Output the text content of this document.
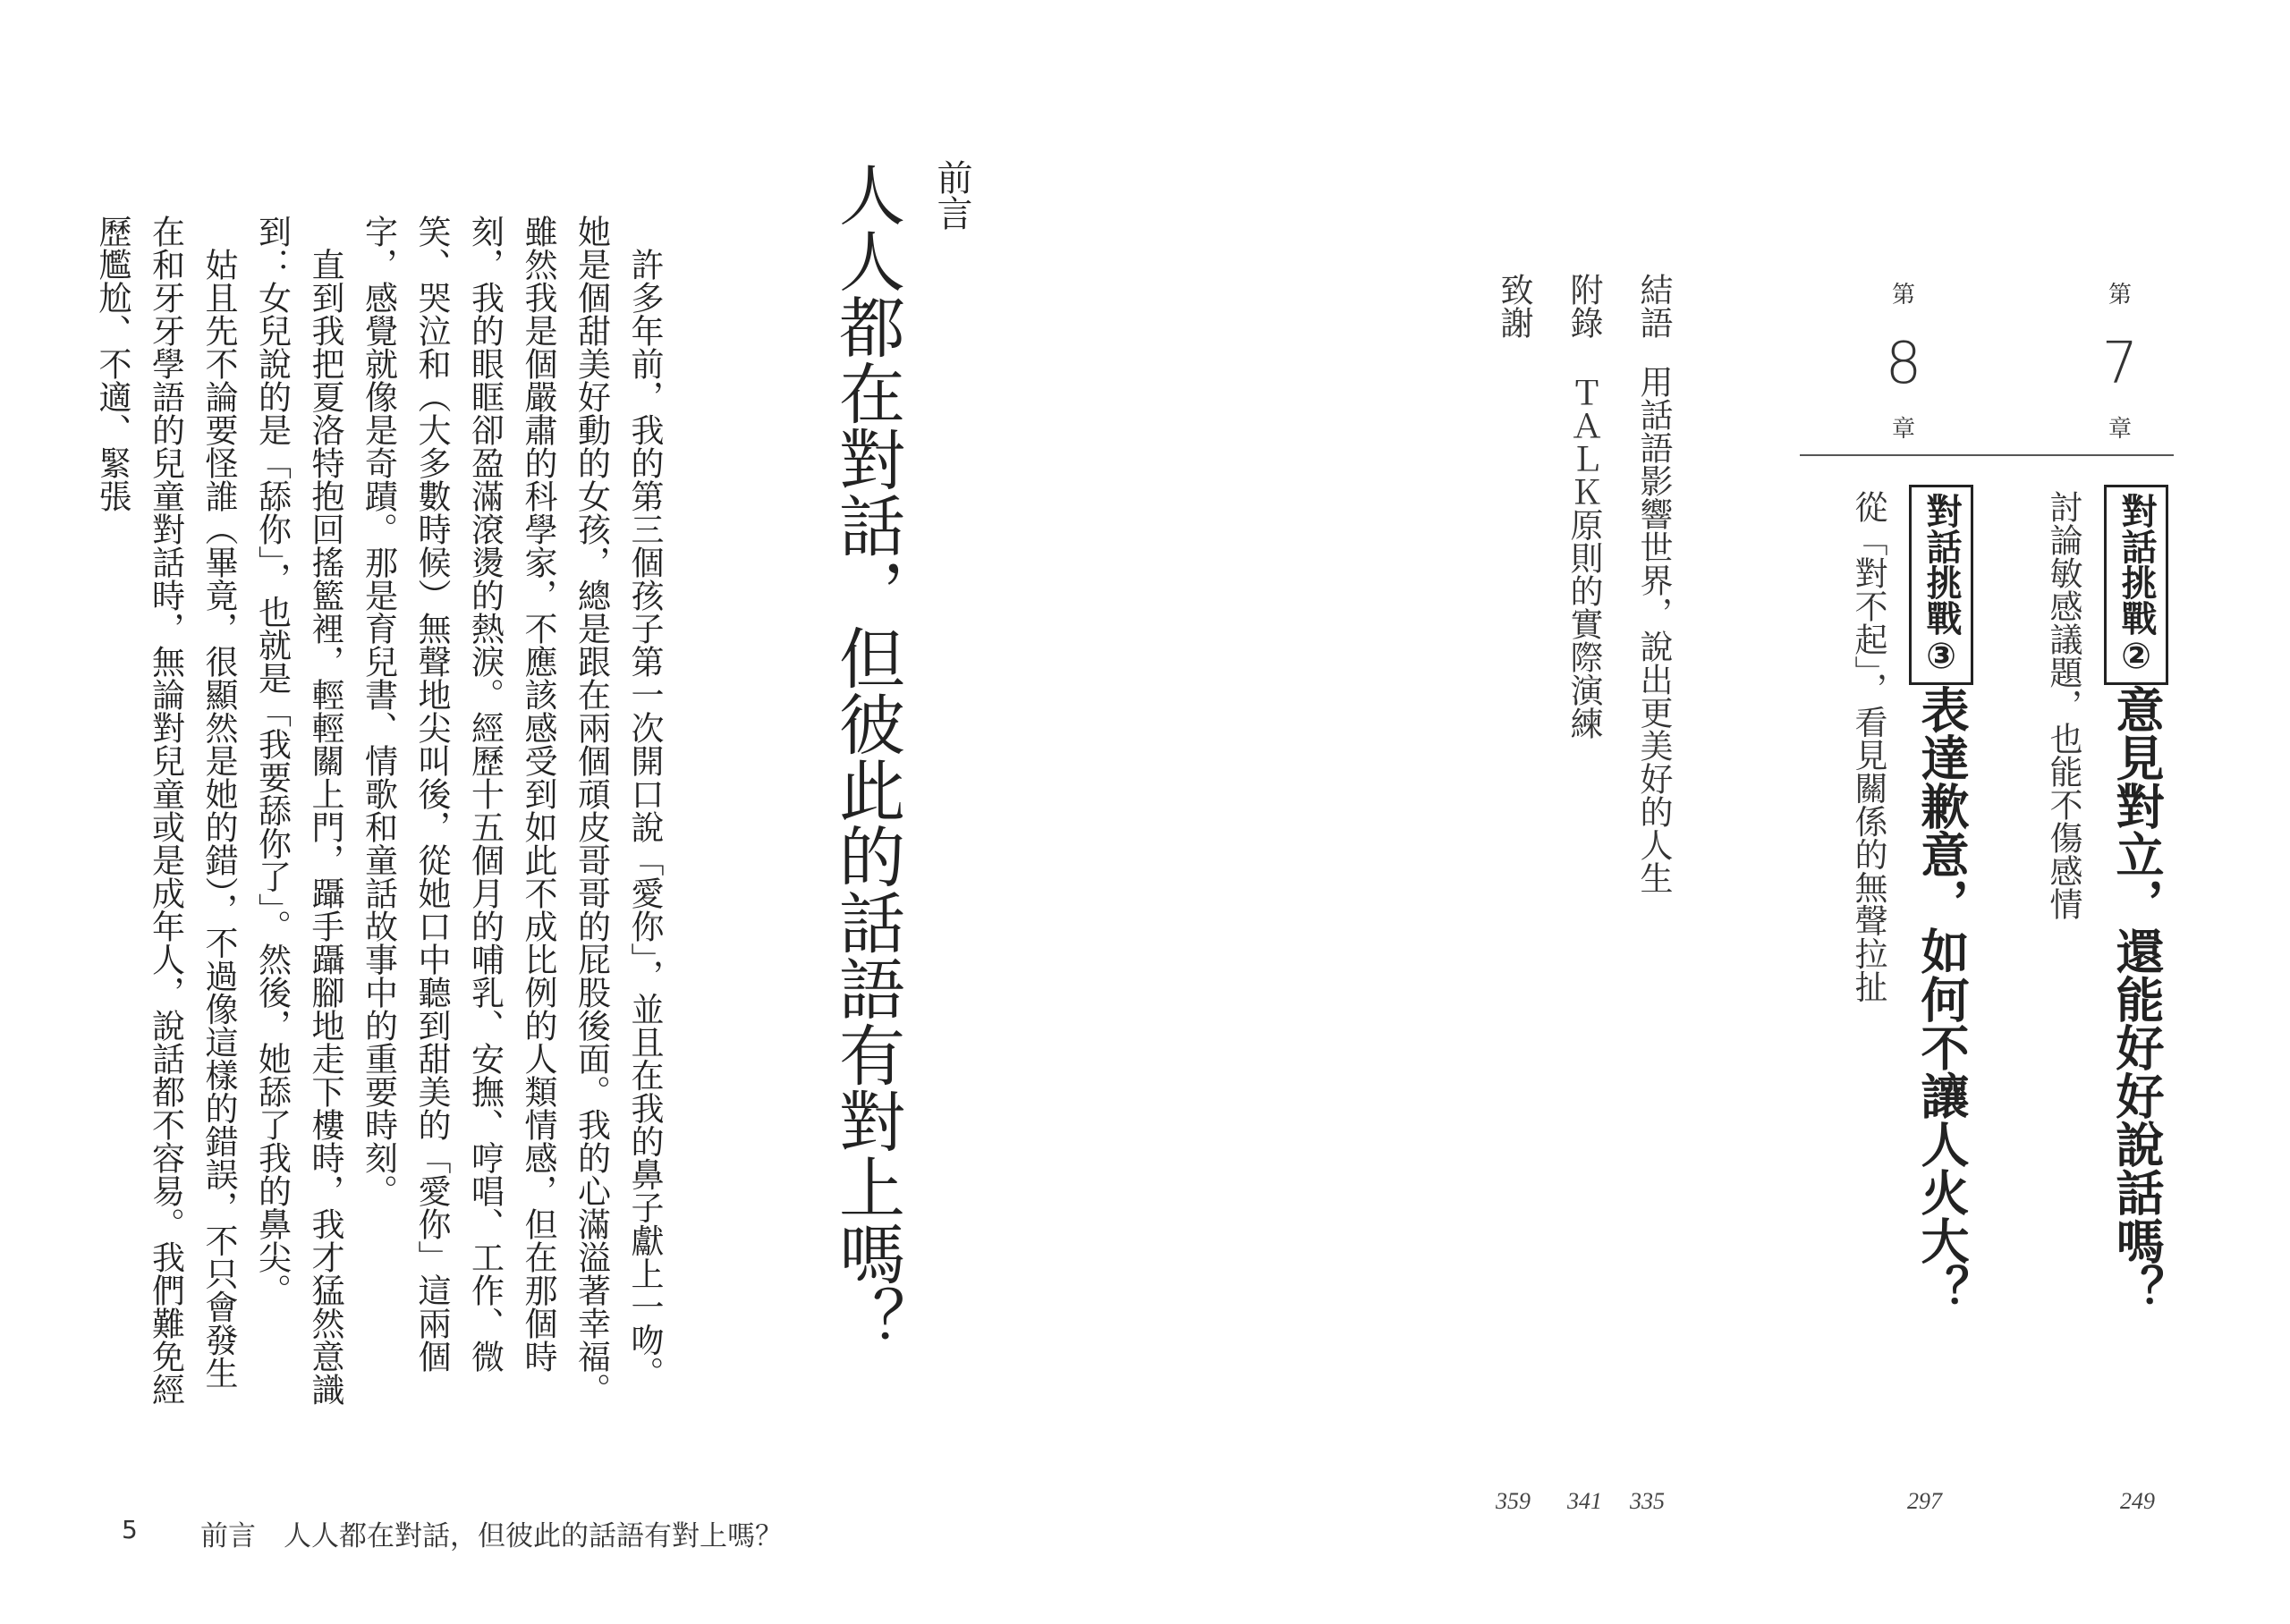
第
7
章
第
8
章
對話挑戰②意見對立，還能好好說話嗎？
討論敏感議題，也能不傷感情
對話挑戰③表達歉意，如何不讓人火大？
從「對不起」，看見關係的無聲拉扯
結語
用話語影響世界，說出更美好的人生
附錄
ＴＡＬＫ原則的實際演練
致謝
249
297
335
341
359
前言
人人都在對話，但彼此的話語有對上嗎？

許多年前，我的第三個孩子第一次開口說「愛你」，並且在我的鼻子獻上一吻。她是個甜美好動的女孩，總是跟在兩個頑皮哥哥的屁股後面。我的心滿溢著幸福。雖然我是個嚴肅的科學家，不應該感受到如此不成比例的人類情感，但在那個時刻，我的眼眶卻盈滿滾燙的熱淚。經歷十五個月的哺乳、安撫、哼唱、工作、微笑、哭泣和（大多數時候）無聲地尖叫後，從她口中聽到甜美的「愛你」這兩個字，感覺就像是奇蹟。那是育兒書、情歌和童話故事中的重要時刻。

直到我把夏洛特抱回搖籃裡，輕輕關上門，躡手躡腳地走下樓時，我才猛然意識到：女兒說的是「舔你」，也就是「我要舔你了」。然後，她舔了我的鼻尖。

姑且先不論要怪誰（畢竟，很顯然是她的錯），不過像這樣的錯誤，不只會發生在和牙牙學語的兒童對話時，無論對兒童或是成年人，說話都不容易。我們難免經歷尷尬、不適、緊張

5 前言　人人都在對話，但彼此的話語有對上嗎？
